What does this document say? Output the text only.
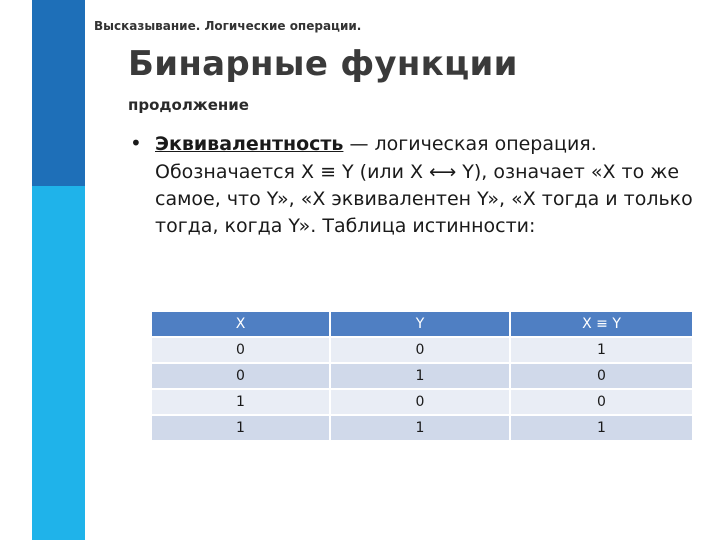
Высказывание. Логические операции.
Бинарные функции
продолжение
• Эквивалентность — логическая операция.
Обозначается X ≡ Y (или X ⟷ Y), означает «X то же самое, что Y», «X эквивалентен Y», «X тогда и только тогда, когда Y». Таблица истинности:
X	Y	X ≡ Y
0	0	1
0	1	0
1	0	0
1	1	1
